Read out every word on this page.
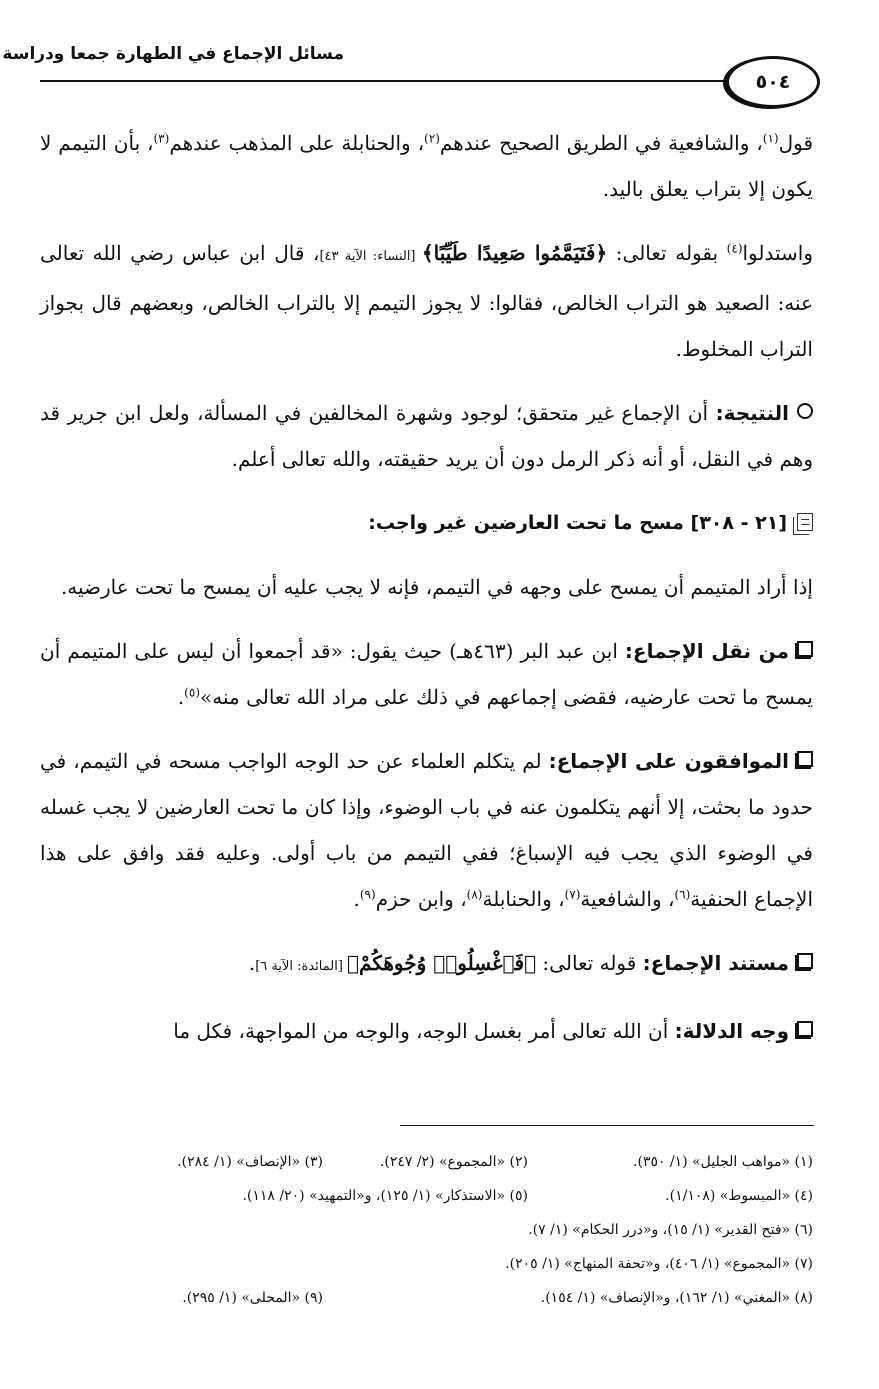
مسائل الإجماع في الطهارة جمعا ودراسة
٥٠٤

قول$^{(١)}$، والشافعية في الطريق الصحيح عندهم$^{(٢)}$، والحنابلة على المذهب عندهم$^{(٣)}$، بأن التيمم لا يكون إلا بتراب يعلق باليد.

واستدلوا$^{(٤)}$ بقوله تعالى: ﴿فَتَيَمَّمُوا صَعِيدًا طَيِّبًا﴾ [النساء: الآية ٤٣]، قال ابن عباس رضي الله تعالى عنه: الصعيد هو التراب الخالص، فقالوا: لا يجوز التيمم إلا بالتراب الخالص، وبعضهم قال بجواز التراب المخلوط.

النتيجة: أن الإجماع غير متحقق؛ لوجود وشهرة المخالفين في المسألة، ولعل ابن جرير قد وهم في النقل، أو أنه ذكر الرمل دون أن يريد حقيقته، والله تعالى أعلم.

[٢١ - ٣٠٨] مسح ما تحت العارضين غير واجب:

إذا أراد المتيمم أن يمسح على وجهه في التيمم، فإنه لا يجب عليه أن يمسح ما تحت عارضيه.

من نقل الإجماع: ابن عبد البر (٤٦٣هـ) حيث يقول: «قد أجمعوا أن ليس على المتيمم أن يمسح ما تحت عارضيه، فقضى إجماعهم في ذلك على مراد الله تعالى منه»$^{(٥)}$.

الموافقون على الإجماع: لم يتكلم العلماء عن حد الوجه الواجب مسحه في التيمم، في حدود ما بحثت، إلا أنهم يتكلمون عنه في باب الوضوء، وإذا كان ما تحت العارضين لا يجب غسله في الوضوء الذي يجب فيه الإسباغ؛ ففي التيمم من باب أولى. وعليه فقد وافق على هذا الإجماع الحنفية$^{(٦)}$، والشافعية$^{(٧)}$، والحنابلة$^{(٨)}$، وابن حزم$^{(٩)}$.

مستند الإجماع: قوله تعالى: ﴿فَٱغْسِلُوا۟ وُجُوهَكُمْ﴾ [المائدة: الآية ٦].

وجه الدلالة: أن الله تعالى أمر بغسل الوجه، والوجه من المواجهة، فكل ما

(١) «مواهب الجليل» (١/ ٣٥٠).
(٢) «المجموع» (٢/ ٢٤٧).
(٣) «الإنصاف» (١/ ٢٨٤).
(٤) «المبسوط» (١/١٠٨).
(٥) «الاستذكار» (١/ ١٢٥)، و«التمهيد» (٢٠/ ١١٨).
(٦) «فتح القدير» (١/ ١٥)، و«درر الحكام» (١/ ٧).
(٧) «المجموع» (١/ ٤٠٦)، و«تحفة المنهاج» (١/ ٢٠٥).
(٨) «المغني» (١/ ١٦٢)، و«الإنصاف» (١/ ١٥٤).
(٩) «المحلى» (١/ ٢٩٥).
